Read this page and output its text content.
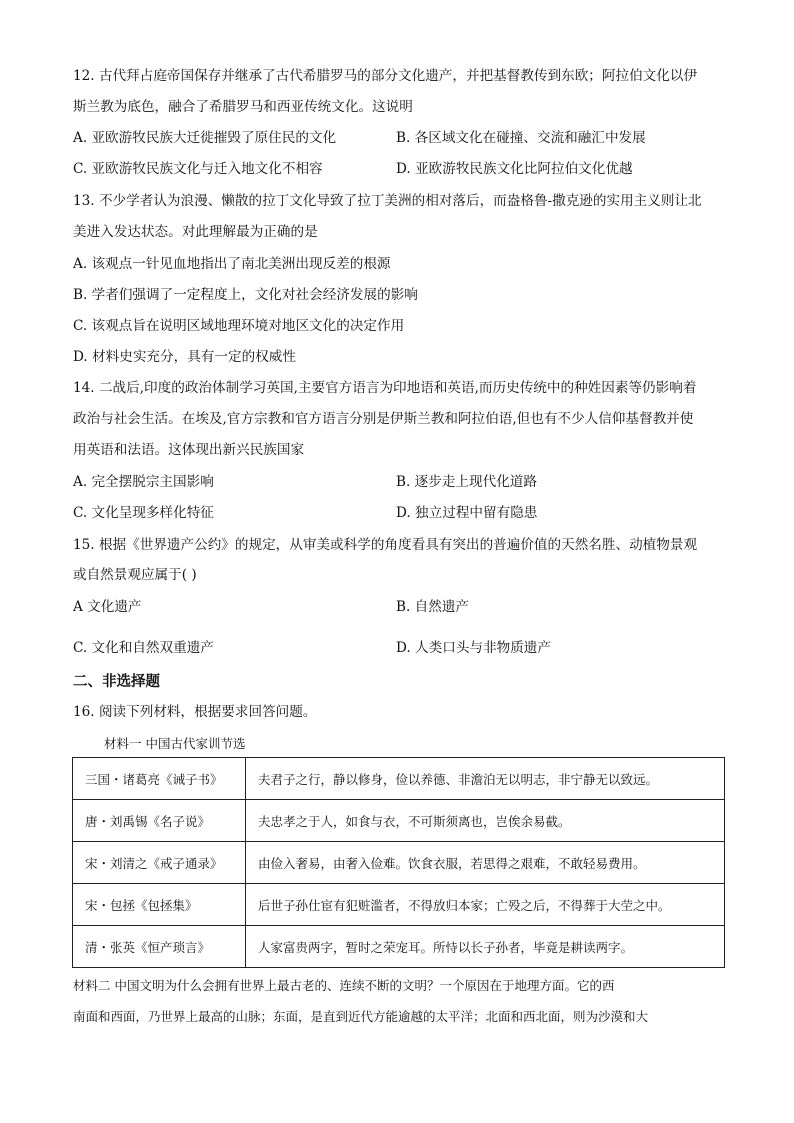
12. 古代拜占庭帝国保存并继承了古代希腊罗马的部分文化遗产，并把基督教传到东欧；阿拉伯文化以伊
斯兰教为底色，融合了希腊罗马和西亚传统文化。这说明
A. 亚欧游牧民族大迁徙摧毁了原住民的文化	B. 各区域文化在碰撞、交流和融汇中发展
C. 亚欧游牧民族文化与迁入地文化不相容	D. 亚欧游牧民族文化比阿拉伯文化优越
13. 不少学者认为浪漫、懒散的拉丁文化导致了拉丁美洲的相对落后，而盎格鲁-撒克逊的实用主义则让北
美进入发达状态。对此理解最为正确的是
A. 该观点一针见血地指出了南北美洲出现反差的根源
B. 学者们强调了一定程度上，文化对社会经济发展的影响
C. 该观点旨在说明区域地理环境对地区文化的决定作用
D. 材料史实充分，具有一定的权威性
14. 二战后,印度的政治体制学习英国,主要官方语言为印地语和英语,而历史传统中的种姓因素等仍影响着
政治与社会生活。在埃及,官方宗教和官方语言分别是伊斯兰教和阿拉伯语,但也有不少人信仰基督教并使
用英语和法语。这体现出新兴民族国家
A. 完全摆脱宗主国影响	B. 逐步走上现代化道路
C. 文化呈现多样化特征	D. 独立过程中留有隐患
15. 根据《世界遗产公约》的规定，从审美或科学的角度看具有突出的普遍价值的天然名胜、动植物景观
或自然景观应属于( )
A 文化遗产	B. 自然遗产
C. 文化和自然双重遗产	D. 人类口头与非物质遗产
二、非选择题
16. 阅读下列材料，根据要求回答问题。
材料一 中国古代家训节选
三国・诸葛亮《诫子书》	夫君子之行，静以修身，俭以养德、非澹泊无以明志，非宁静无以致远。
唐・刘禹锡《名子说》	夫忠孝之于人，如食与衣，不可斯须离也，岂俟余易截。
宋・刘清之《戒子通录》	由俭入奢易，由奢入俭难。饮食衣服，若思得之艰难，不敢轻易费用。
宋・包拯《包拯集》	后世子孙仕宦有犯赃滥者，不得放归本家；亡殁之后，不得葬于大茔之中。
清・张英《恒产琐言》	人家富贵两字，暂时之荣宠耳。所恃以长子孙者，毕竟是耕读两字。
材料二 中国文明为什么会拥有世界上最古老的、连续不断的文明？一个原因在于地理方面。它的西
南面和西面，乃世界上最高的山脉；东面，是直到近代方能逾越的太平洋；北面和西北面，则为沙漠和大
